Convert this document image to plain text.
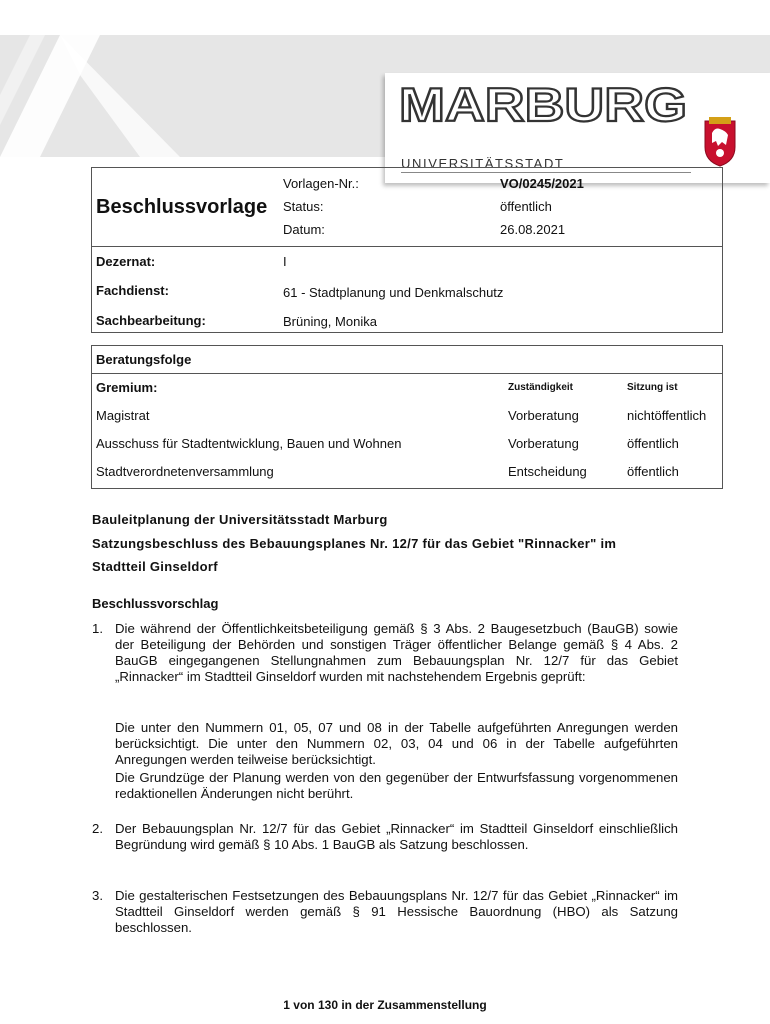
MARBURG
UNIVERSITÄTSSTADT
Beschlussvorlage
Vorlagen-Nr.:	VO/0245/2021
Status:	öffentlich
Datum:	26.08.2021
Dezernat:	I
Fachdienst:	61 - Stadtplanung und Denkmalschutz
Sachbearbeitung:	Brüning, Monika
Beratungsfolge
Gremium:	Zuständigkeit	Sitzung ist
Magistrat	Vorberatung	nichtöffentlich
Ausschuss für Stadtentwicklung, Bauen und Wohnen	Vorberatung	öffentlich
Stadtverordnetenversammlung	Entscheidung	öffentlich
Bauleitplanung der Universitätsstadt Marburg
Satzungsbeschluss des Bebauungsplanes Nr. 12/7 für das Gebiet "Rinnacker" im
Stadtteil Ginseldorf
Beschlussvorschlag
1. Die während der Öffentlichkeitsbeteiligung gemäß § 3 Abs. 2 Baugesetzbuch (BauGB) sowie der Beteiligung der Behörden und sonstigen Träger öffentlicher Belange gemäß § 4 Abs. 2 BauGB eingegangenen Stellungnahmen zum Bebauungsplan Nr. 12/7 für das Gebiet „Rinnacker“ im Stadtteil Ginseldorf wurden mit nachstehendem Ergebnis geprüft:
Die unter den Nummern 01, 05, 07 und 08 in der Tabelle aufgeführten Anregungen werden berücksichtigt. Die unter den Nummern 02, 03, 04 und 06 in der Tabelle aufgeführten Anregungen werden teilweise berücksichtigt.
Die Grundzüge der Planung werden von den gegenüber der Entwurfsfassung vorgenommenen redaktionellen Änderungen nicht berührt.
2. Der Bebauungsplan Nr. 12/7 für das Gebiet „Rinnacker“ im Stadtteil Ginseldorf einschließlich Begründung wird gemäß § 10 Abs. 1 BauGB als Satzung beschlossen.
3. Die gestalterischen Festsetzungen des Bebauungsplans Nr. 12/7 für das Gebiet „Rinnacker“ im Stadtteil Ginseldorf werden gemäß § 91 Hessische Bauordnung (HBO) als Satzung beschlossen.
1 von 130 in der Zusammenstellung
